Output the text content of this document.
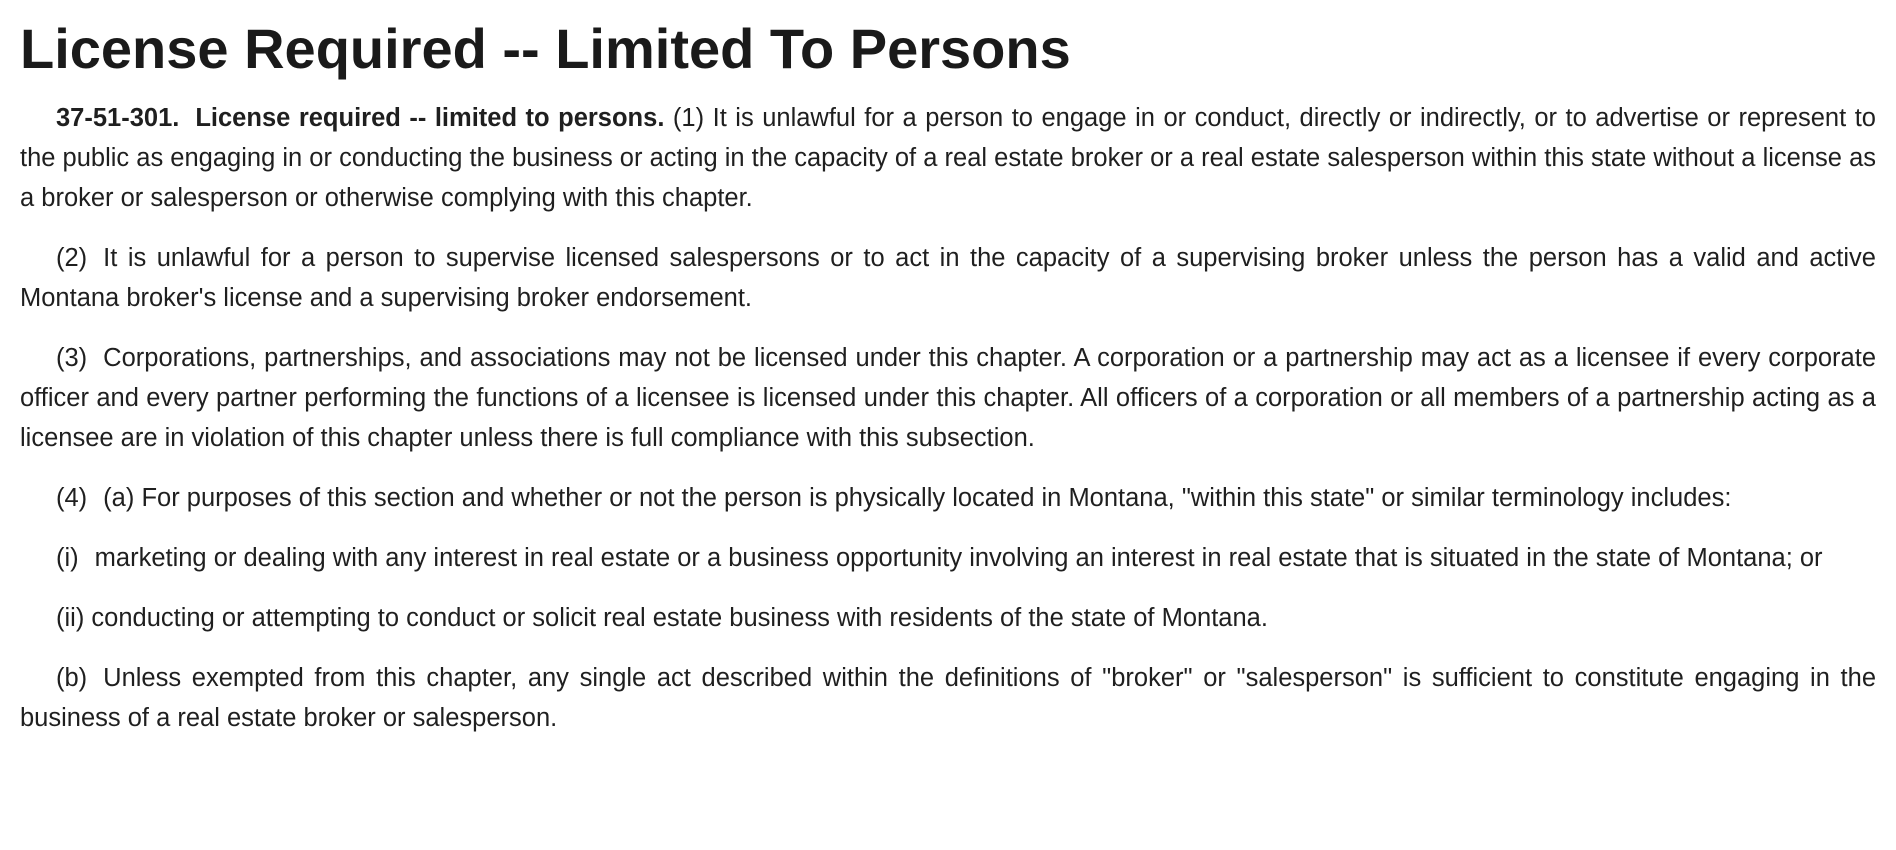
License Required -- Limited To Persons

37-51-301. License required -- limited to persons. (1) It is unlawful for a person to engage in or conduct, directly or indirectly, or to advertise or represent to the public as engaging in or conducting the business or acting in the capacity of a real estate broker or a real estate salesperson within this state without a license as a broker or salesperson or otherwise complying with this chapter.

(2) It is unlawful for a person to supervise licensed salespersons or to act in the capacity of a supervising broker unless the person has a valid and active Montana broker's license and a supervising broker endorsement.

(3) Corporations, partnerships, and associations may not be licensed under this chapter. A corporation or a partnership may act as a licensee if every corporate officer and every partner performing the functions of a licensee is licensed under this chapter. All officers of a corporation or all members of a partnership acting as a licensee are in violation of this chapter unless there is full compliance with this subsection.

(4) (a) For purposes of this section and whether or not the person is physically located in Montana, "within this state" or similar terminology includes:

(i) marketing or dealing with any interest in real estate or a business opportunity involving an interest in real estate that is situated in the state of Montana; or

(ii) conducting or attempting to conduct or solicit real estate business with residents of the state of Montana.

(b) Unless exempted from this chapter, any single act described within the definitions of "broker" or "salesperson" is sufficient to constitute engaging in the business of a real estate broker or salesperson.
